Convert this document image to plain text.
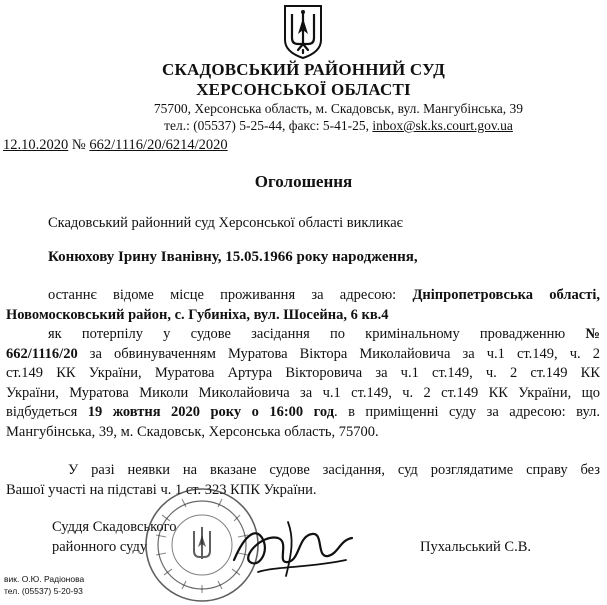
СКАДОВСЬКИЙ РАЙОННИЙ СУД
ХЕРСОНСЬКОЇ ОБЛАСТІ
75700, Херсонська область, м. Скадовськ, вул. Мангубінська, 39
тел.: (05537) 5-25-44, факс: 5-41-25, inbox@sk.ks.court.gov.ua
12.10.2020 № 662/1116/20/6214/2020
Оголошення
Скадовський районний суд Херсонської області викликає
Конюхову Ірину Іванівну, 15.05.1966 року народження,
останнє відоме місце проживання за адресою: Дніпропетровська області,
Новомосковський район, с. Губиніха, вул. Шосейна, 6 кв.4
як потерпілу у судове засідання по кримінальному провадженню №
662/1116/20 за обвинуваченням Муратова Віктора Миколайовича за ч.1 ст.149, ч. 2
ст.149 КК України, Муратова Артура Вікторовича за ч.1 ст.149, ч. 2 ст.149 КК
України, Муратова Миколи Миколайовича за ч.1 ст.149, ч. 2 ст.149 КК України, що
відбудеться 19 жовтня 2020 року о 16:00 год. в приміщенні суду за адресою: вул.
Мангубінська, 39, м. Скадовськ, Херсонська область, 75700.
У разі неявки на вказане судове засідання, суд розглядатиме справу без
Вашої участі на підставі ч. 1 ст. 323 КПК України.
Суддя Скадовського
районного суду	Пухальський С.В.
вик. О.Ю. Радіонова
тел. (05537) 5-20-93
